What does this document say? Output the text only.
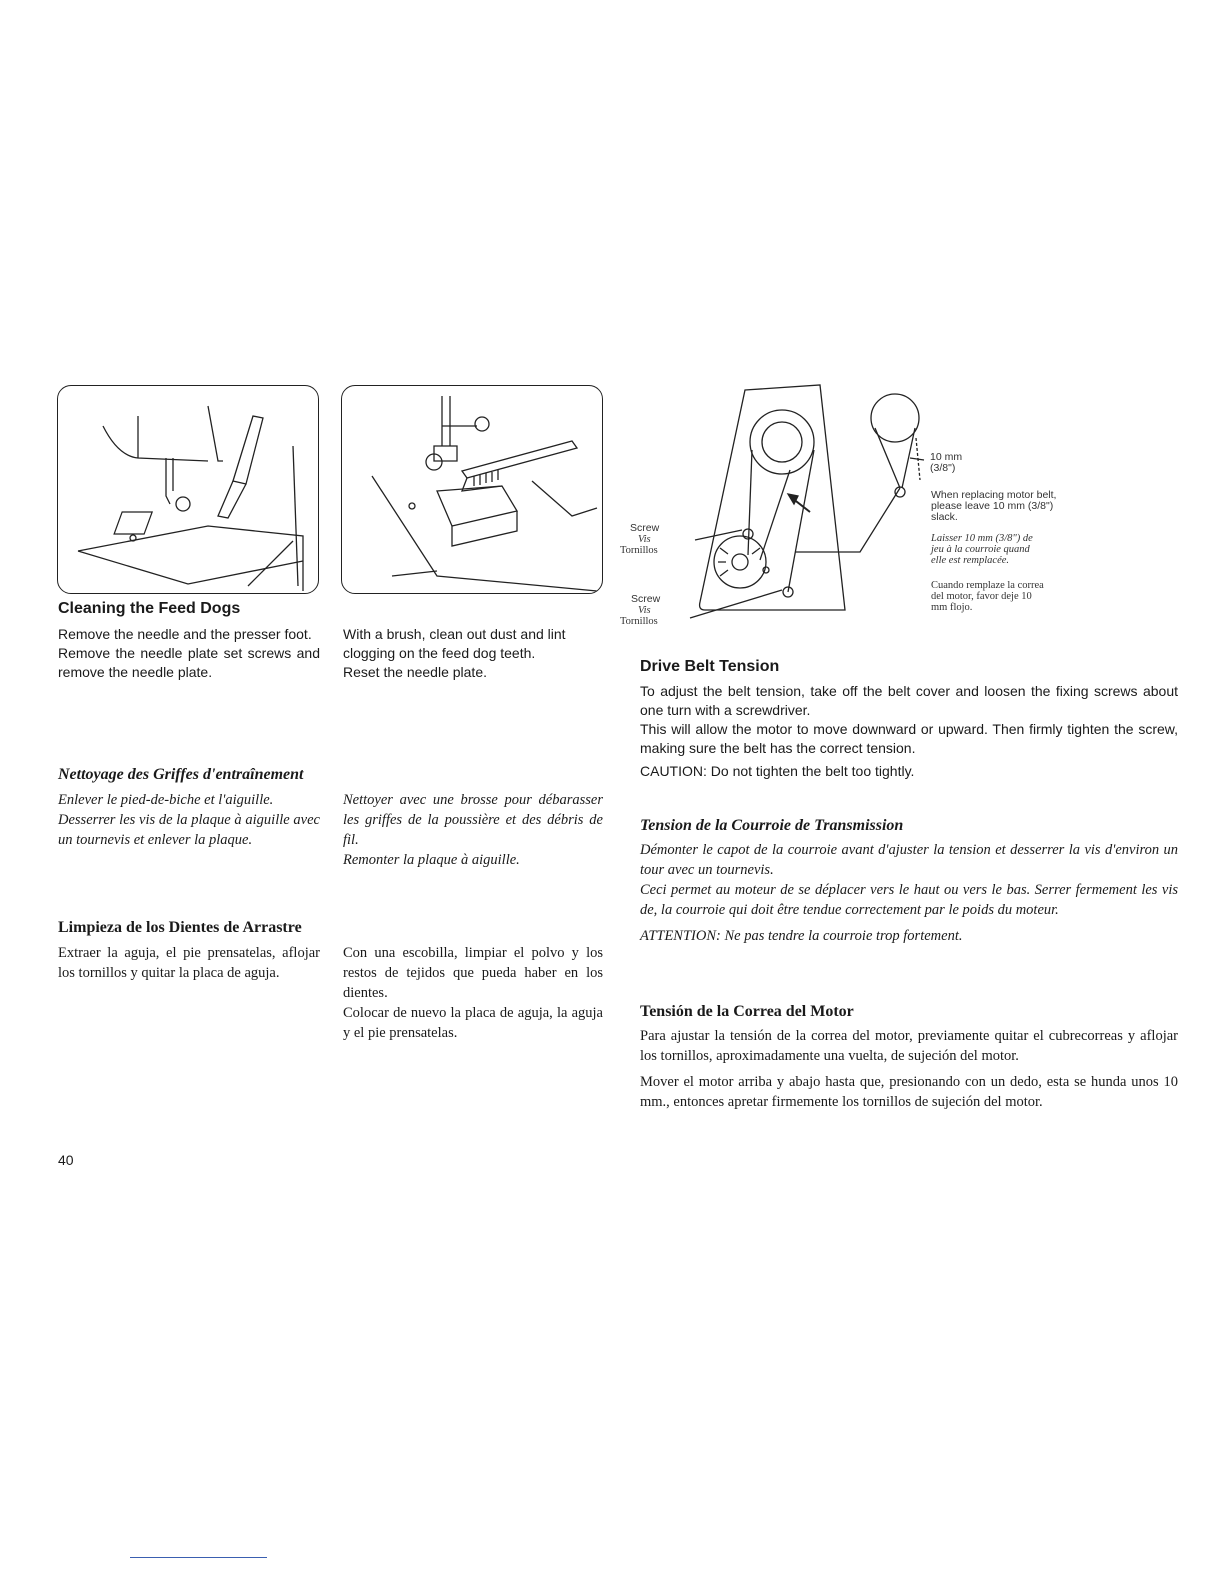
Cleaning the Feed Dogs
Remove the needle and the presser foot.
Remove the needle plate set screws and remove the needle plate.
With a brush, clean out dust and lint clogging on the feed dog teeth.
Reset the needle plate.
Nettoyage des Griffes d'entraînement
Enlever le pied-de-biche et l'aiguille.
Desserrer les vis de la plaque à aiguille avec un tournevis et enlever la plaque.
Nettoyer avec une brosse pour débarasser les griffes de la poussière et des débris de fil.
Remonter la plaque à aiguille.
Limpieza de los Dientes de Arrastre
Extraer la aguja, el pie prensatelas, aflojar los tornillos y quitar la placa de aguja.
Con una escobilla, limpiar el polvo y los restos de tejidos que pueda haber en los dientes.
Colocar de nuevo la placa de aguja, la aguja y el pie prensatelas.
Screw
Vis
Tornillos
Screw
Vis
Tornillos
10 mm
(3/8")
When replacing motor belt,
please leave 10 mm (3/8")
slack.
Laisser 10 mm (3/8") de
jeu à la courroie quand
elle est remplacée.
Cuando remplaze la correa
del motor, favor deje 10
mm flojo.
Drive Belt Tension
To adjust the belt tension, take off the belt cover and loosen the fixing screws about one turn with a screwdriver.
This will allow the motor to move downward or upward. Then firmly tighten the screw, making sure the belt has the correct tension.
CAUTION: Do not tighten the belt too tightly.
Tension de la Courroie de Transmission
Démonter le capot de la courroie avant d'ajuster la tension et desserrer la vis d'environ un tour avec un tournevis.
Ceci permet au moteur de se déplacer vers le haut ou vers le bas. Serrer fermement les vis de, la courroie qui doit être tendue correctement par le poids du moteur.
ATTENTION: Ne pas tendre la courroie trop fortement.
Tensión de la Correa del Motor
Para ajustar la tensión de la correa del motor, previamente quitar el cubrecorreas y aflojar los tornillos, aproximadamente una vuelta, de sujeción del motor.
Mover el motor arriba y abajo hasta que, presionando con un dedo, esta se hunda unos 10 mm., entonces apretar firmemente los tornillos de sujeción del motor.
40
